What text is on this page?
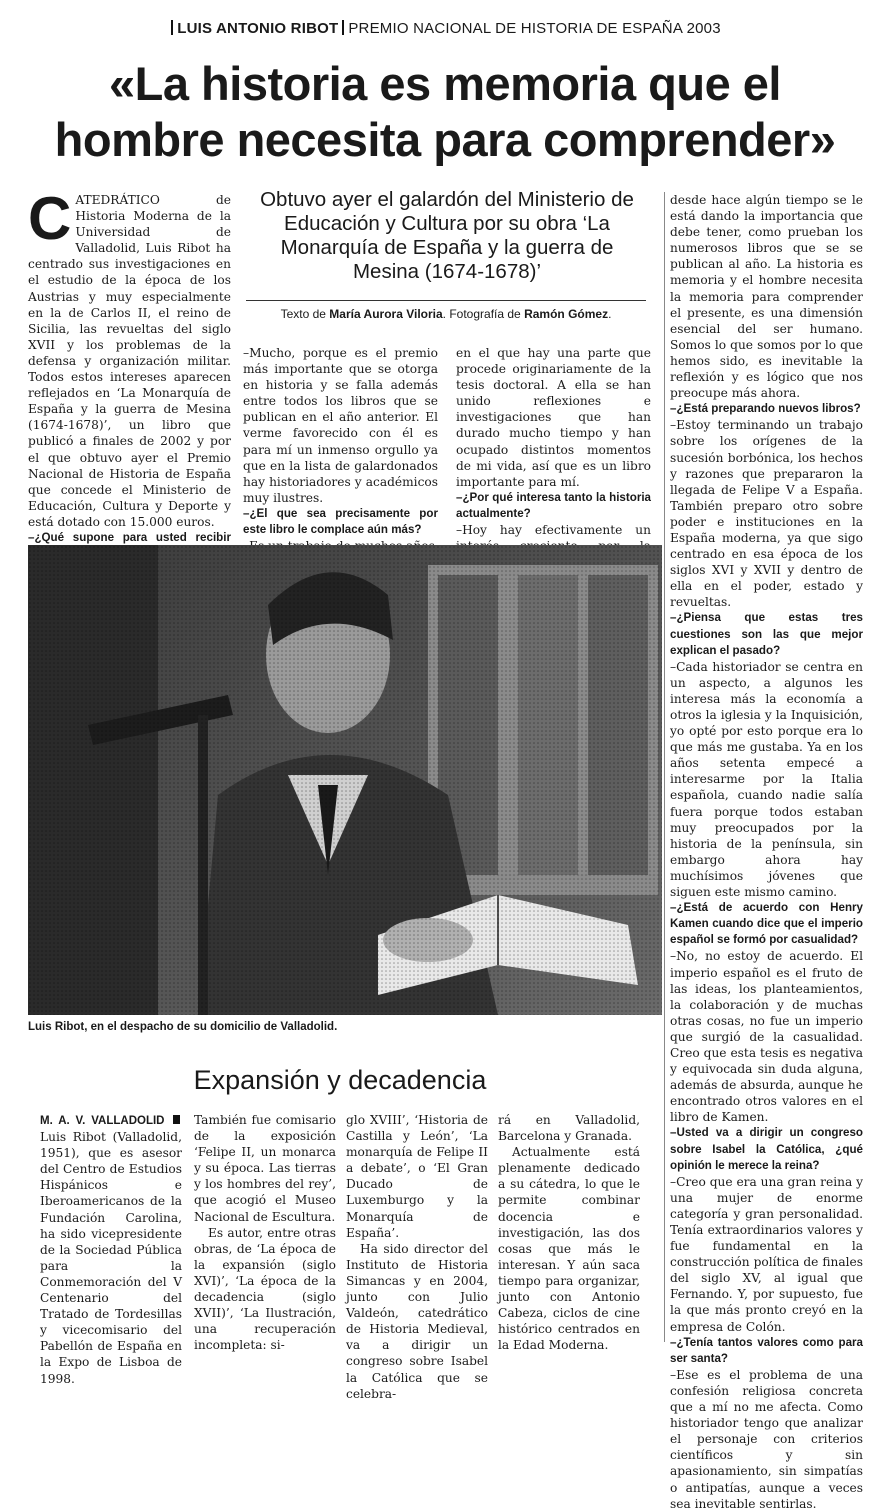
LUIS ANTONIO RIBOT PREMIO NACIONAL DE HISTORIA DE ESPAÑA 2003
«La historia es memoria que el hombre necesita para comprender»
CATEDRÁTICO de Historia Moderna de la Universidad de Valladolid, Luis Ribot ha centrado sus investigaciones en el estudio de la época de los Austrias y muy especialmente en la de Carlos II, el reino de Sicilia, las revueltas del siglo XVII y los problemas de la defensa y organización militar. Todos estos intereses aparecen reflejados en ‘La Monarquía de España y la guerra de Mesina (1674-1678)’, un libro que publicó a finales de 2002 y por el que obtuvo ayer el Premio Nacional de Historia de España que concede el Ministerio de Educación, Cultura y Deporte y está dotado con 15.000 euros.

–¿Qué supone para usted recibir

Obtuvo ayer el galardón del Ministerio de Educación y Cultura por su obra ‘La Monarquía de España y la guerra de Mesina (1674-1678)’
Texto de María Aurora Viloria. Fotografía de Ramón Gómez.

–Mucho, porque es el premio más importante que se otorga en historia y se falla además entre todos los libros que se publican en el año anterior. El verme favorecido con él es para mí un inmenso orgullo ya que en la lista de galardonados hay historiadores y académicos muy ilustres.

–¿El que sea precisamente por este libro le complace aún más?

en el que hay una parte que procede originariamente de la tesis doctoral. A ella se han unido reflexiones e investigaciones que han durado mucho tiempo y han ocupado distintos momentos de mi vida, así que es un libro importante para mí.

–¿Por qué interesa tanto la historia actualmente?

–Hoy hay efectivamente un

desde hace algún tiempo se le está dando la importancia que debe tener, como prueban los numerosos libros que se se publican al año. La historia es memoria y el hombre necesita la memoria para comprender el presente, es una dimensión esencial del ser humano. Somos lo que somos por lo que hemos sido, es inevitable la reflexión y es lógico que nos preocupe más ahora.

–¿Está preparando nuevos libros?

–Estoy terminando un trabajo sobre los orígenes de la sucesión borbónica, los hechos y razones que prepararon la llegada de Felipe V a España. También preparo otro sobre poder e instituciones en la España moderna, ya que sigo centrado en esa época de los siglos XVI y XVII y dentro de ella en el poder, estado y revueltas.

–¿Piensa que estas tres cuestiones son las que mejor explican el pasado?

–Cada historiador se centra en un aspecto, a algunos les interesa más la economía a otros la iglesia y la Inquisición, yo opté por esto porque era lo que más me gustaba. Ya en los años setenta empecé a interesarme por la Italia española, cuando nadie salía fuera porque todos estaban muy preocupados por la historia de la península, sin embargo ahora hay muchísimos jóvenes que siguen este mismo camino.

–¿Está de acuerdo con Henry Kamen cuando dice que el imperio español se formó por casualidad?

–No, no estoy de acuerdo. El imperio español es el fruto de las ideas, los planteamientos, la colaboración y de muchas otras cosas, no fue un imperio que surgió de la casualidad. Creo que esta tesis es negativa y equivocada sin duda alguna, además de absurda, aunque he encontrado otros valores en el libro de Kamen.

–Usted va a dirigir un congreso sobre Isabel la Católica, ¿qué opinión le merece la reina?

–Creo que era una gran reina y una mujer de enorme categoría y gran personalidad. Tenía extraordinarios valores y fue fundamental en la construcción política de finales del siglo XV, al igual que Fernando. Y, por supuesto, fue la que más pronto creyó en la empresa de Colón.

–¿Tenía tantos valores como para ser santa?

–Ese es el problema de una confesión religiosa concreta que a mí no me afecta. Como historiador tengo que analizar el personaje con criterios científicos y sin apasionamiento, sin simpatías o antipatías, aunque a veces sea inevitable sentirlas.

Luis Ribot, en el despacho de su domicilio de Valladolid.
Expansión y decadencia
M. A. V. VALLADOLID Luis Ribot (Valladolid, 1951), que es asesor del Centro de Estudios Hispánicos e Iberoamericanos de la Fundación Carolina, ha sido vicepresidente de la Sociedad Pública para la Conmemoración del V Centenario del Tratado de Tordesillas y vicecomisario del Pabellón de España en la Expo de Lisboa de 1998.

También fue comisario de la exposición ‘Felipe II, un monarca y su época. Las tierras y los hombres del rey’, que acogió el Museo Nacional de Escultura.

Es autor, entre otras obras, de ‘La época de la expansión (siglo XVI)’, ‘La época de la decadencia (siglo XVII)’, ‘La Ilustración, una recuperación incompleta: si-

glo XVIII’, ‘Historia de Castilla y León’, ‘La monarquía de Felipe II a debate’, o ‘El Gran Ducado de Luxemburgo y la Monarquía de España’.

Ha sido director del Instituto de Historia Simancas y en 2004, junto con Julio Valdeón, catedrático de Historia Medieval, va a dirigir un congreso sobre Isabel la Católica que se celebra-

rá en Valladolid, Barcelona y Granada.

Actualmente está plenamente dedicado a su cátedra, lo que le permite combinar docencia e investigación, las dos cosas que más le interesan. Y aún saca tiempo para organizar, junto con Antonio Cabeza, ciclos de cine histórico centrados en la Edad Moderna.
